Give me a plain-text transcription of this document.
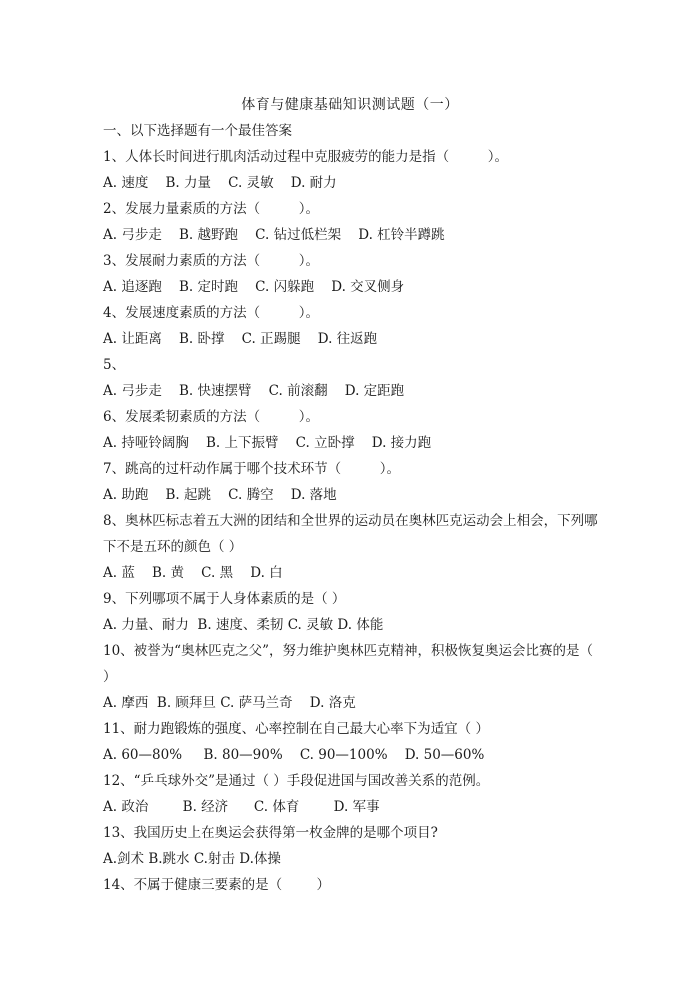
体育与健康基础知识测试题（一）
一、以下选择题有一个最佳答案
1、人体长时间进行肌肉活动过程中克服疲劳的能力是指（         ）。
A. 速度    B. 力量    C. 灵敏    D. 耐力
2、发展力量素质的方法（         ）。
A. 弓步走    B. 越野跑    C. 钻过低栏架    D. 杠铃半蹲跳
3、发展耐力素质的方法（         ）。
A. 追逐跑    B. 定时跑    C. 闪躲跑    D. 交叉侧身
4、发展速度素质的方法（         ）。
A. 让距离    B. 卧撑    C. 正踢腿    D. 往返跑
5、
A. 弓步走    B. 快速摆臂    C. 前滚翻    D. 定距跑
6、发展柔韧素质的方法（         ）。
A. 持哑铃阔胸    B. 上下振臂    C. 立卧撑    D. 接力跑
7、跳高的过杆动作属于哪个技术环节（         ）。
A. 助跑    B. 起跳    C. 腾空    D. 落地
8、奥林匹标志着五大洲的团结和全世界的运动员在奥林匹克运动会上相会，下列哪下不是五环的颜色（ ）
A. 蓝    B. 黄    C. 黑    D. 白
9、下列哪项不属于人身体素质的是（ ）
A. 力量、耐力  B. 速度、柔韧 C. 灵敏 D. 体能
10、被誉为“奥林匹克之父”，努力维护奥林匹克精神，积极恢复奥运会比赛的是（ ）
A. 摩西  B. 顾拜旦 C. 萨马兰奇    D. 洛克
11、耐力跑锻炼的强度、心率控制在自己最大心率下为适宜（ ）
A. 60—80%     B. 80—90%    C. 90—100%    D. 50—60%
12、“乒乓球外交”是通过（ ）手段促进国与国改善关系的范例。
A. 政治        B. 经济      C. 体育        D. 军事
13、我国历史上在奥运会获得第一枚金牌的是哪个项目?
A.剑术 B.跳水 C.射击 D.体操
14、不属于健康三要素的是（        ）
